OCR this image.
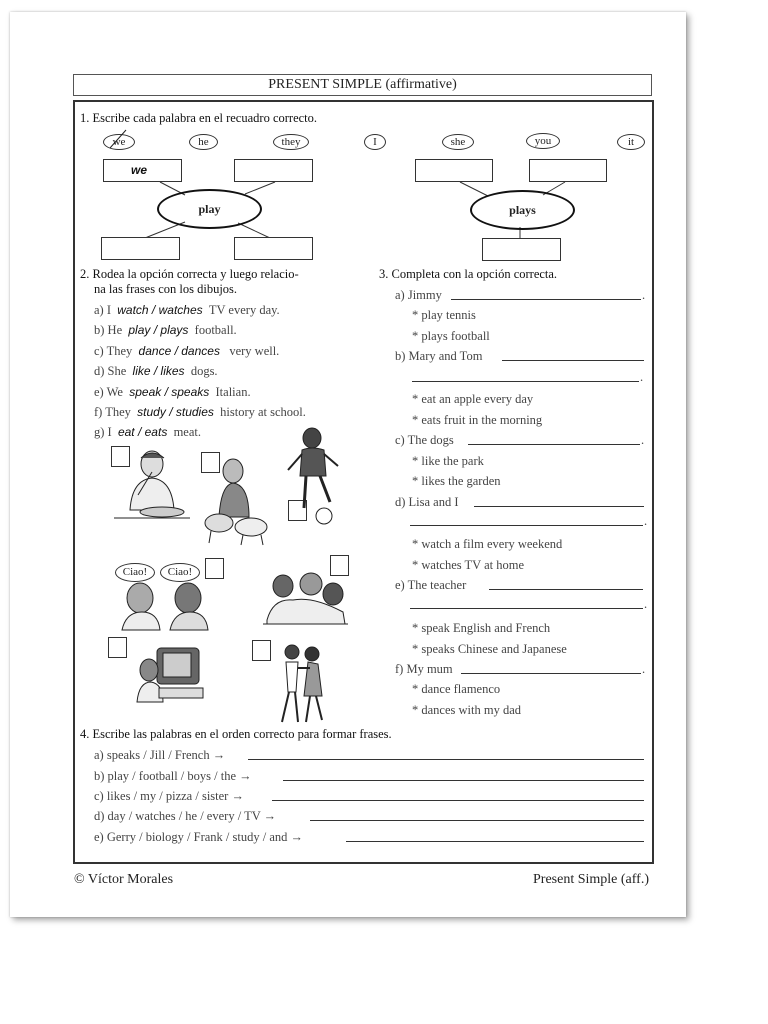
PRESENT SIMPLE (affirmative)
1. Escribe cada palabra en el recuadro correcto.
we	he	they	I	she	you	it
we
play	plays
2. Rodea la opción correcta y luego relacio-
na las frases con los dibujos.
a) I watch / watches TV every day.
b) He play / plays football.
c) They dance / dances very well.
d) She like / likes dogs.
e) We speak / speaks Italian.
f) They study / studies history at school.
g) I eat / eats meat.
Ciao!	Ciao!
3. Completa con la opción correcta.
a) Jimmy	.
* play tennis
* plays football
b) Mary and Tom
.
* eat an apple every day
* eats fruit in the morning
c) The dogs	.
* like the park
* likes the garden
d) Lisa and I
.
* watch a film every weekend
* watches TV at home
e) The teacher
.
* speak English and French
* speaks Chinese and Japanese
f) My mum	.
* dance flamenco
* dances with my dad
4. Escribe las palabras en el orden correcto para formar frases.
a) speaks / Jill / French →
b) play / football / boys / the →
c) likes / my / pizza / sister →
d) day / watches / he / every / TV →
e) Gerry / biology / Frank / study / and →
© Víctor Morales	Present Simple (aff.)
